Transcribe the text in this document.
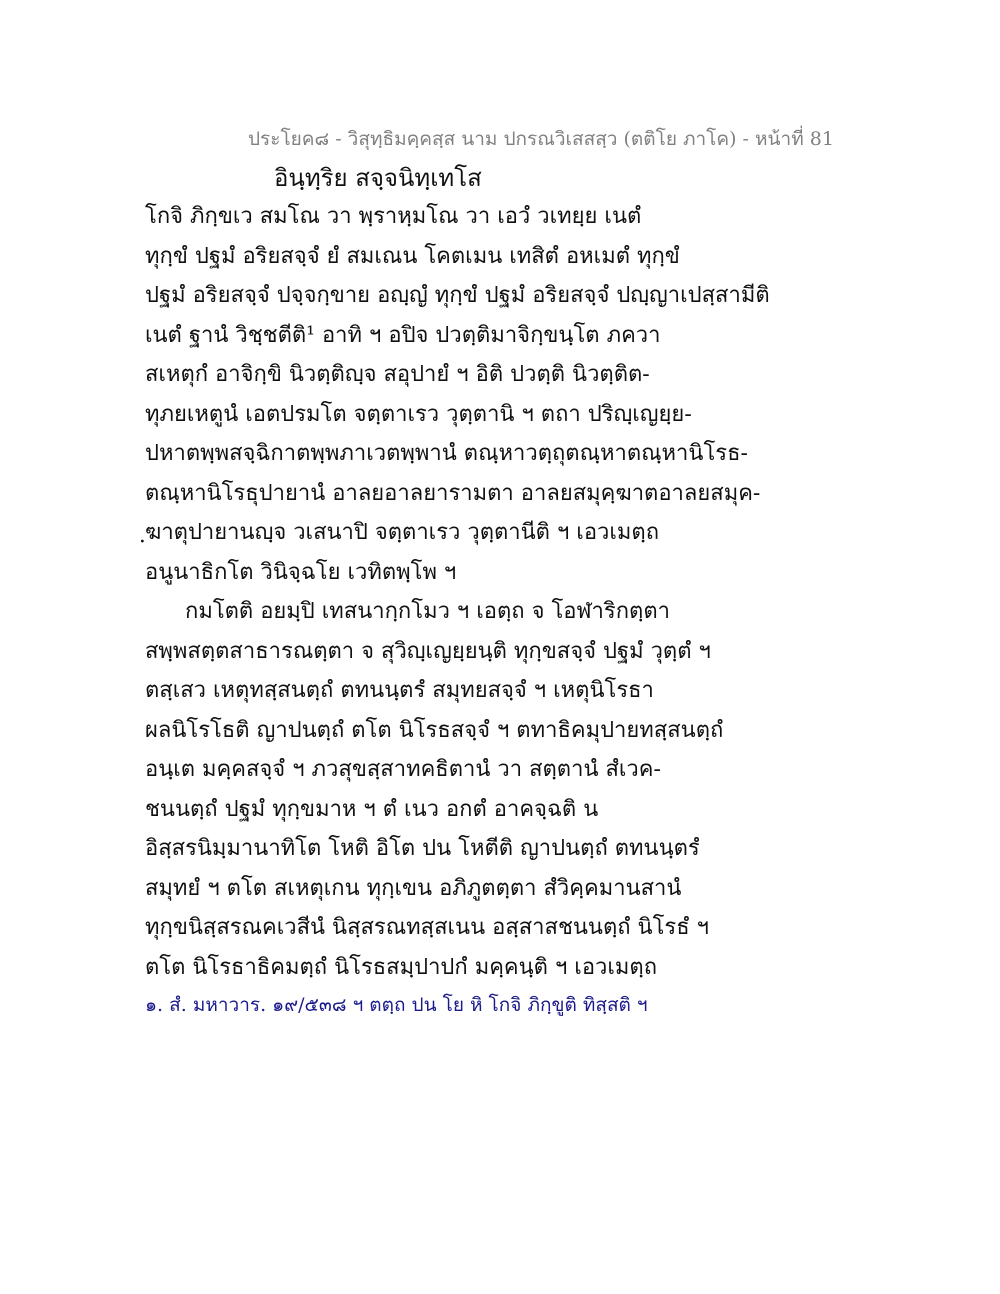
ประโยค๘ - วิสุทฺธิมคฺคสฺส นาม ปกรณวิเสสสฺว (ตติโย ภาโค) - หน้าที่ 81
อินฺทฺริย สจฺจนิทฺเทโส
โกจิ ภิกฺขเว สมโณ วา พฺราหฺมโณ วา เอวํ วเทยฺย เนตํ
ทุกฺขํ ปฐมํ อริยสจฺจํ ยํ สมเณน โคตเมน เทสิตํ อหเมตํ ทุกฺขํ
ปฐมํ อริยสจฺจํ ปจฺจกฺขาย อญฺญํ ทุกฺขํ ปฐมํ อริยสจฺจํ ปญฺญาเปสฺสามีติ
เนตํ ฐานํ วิชฺชตีติ¹ อาทิ ฯ อปิจ ปวตฺติมาจิกฺขนฺโต ภควา
สเหตุกํ อาจิกฺขิ นิวตฺติญฺจ สอุปายํ ฯ อิติ ปวตฺติ นิวตฺติต-
ทุภยเหตูนํ เอตปรมโต จตฺตาเรว วุตฺตานิ ฯ ตถา ปริญฺเญยฺย-
ปหาตพฺพสจฺฉิกาตพฺพภาเวตพฺพานํ ตณฺหาวตฺถุตณฺหาตณฺหานิโรธ-
ตณฺหานิโรธุปายานํ อาลยอาลยารามตา อาลยสมุคฺฆาตอาลยสมุค-
ฺฆาตุปายานญฺจ วเสนาปิ จตฺตาเรว วุตฺตานีติ ฯ เอวเมตฺถ
อนูนาธิกโต วินิจฺฉโย เวทิตพฺโพ ฯ
กมโตติ อยมฺปิ เทสนากฺกโมว ฯ เอตฺถ จ โอฬาริกตฺตา
สพฺพสตฺตสาธารณตฺตา จ สุวิญฺเญยฺยนฺติ ทุกฺขสจฺจํ ปฐมํ วุตฺตํ ฯ
ตสฺเสว เหตุทสฺสนตฺถํ ตทนนฺตรํ สมุทยสจฺจํ ฯ เหตุนิโรธา
ผลนิโรโธติ ญาปนตฺถํ ตโต นิโรธสจฺจํ ฯ ตทาธิคมุปายทสฺสนตฺถํ
อนฺเต มคฺคสจฺจํ ฯ ภวสุขสฺสาทคธิตานํ วา สตฺตานํ สํเวค-
ชนนตฺถํ ปฐมํ ทุกฺขมาห ฯ ตํ เนว อกตํ อาคจฺฉติ น
อิสฺสรนิมฺมานาทิโต โหติ อิโต ปน โหตีติ ญาปนตฺถํ ตทนนฺตรํ
สมุทยํ ฯ ตโต สเหตุเกน ทุกฺเขน อภิภูตตฺตา สํวิคฺคมานสานํ
ทุกฺขนิสฺสรณคเวสีนํ นิสฺสรณทสฺสเนน อสฺสาสชนนตฺถํ นิโรธํ ฯ
ตโต นิโรธาธิคมตฺถํ นิโรธสมฺปาปกํ มคฺคนฺติ ฯ เอวเมตฺถ
๑. สํ. มหาวาร. ๑๙/๕๓๘ ฯ ตตฺถ ปน โย หิ โกจิ ภิกฺขูติ ทิสฺสติ ฯ
